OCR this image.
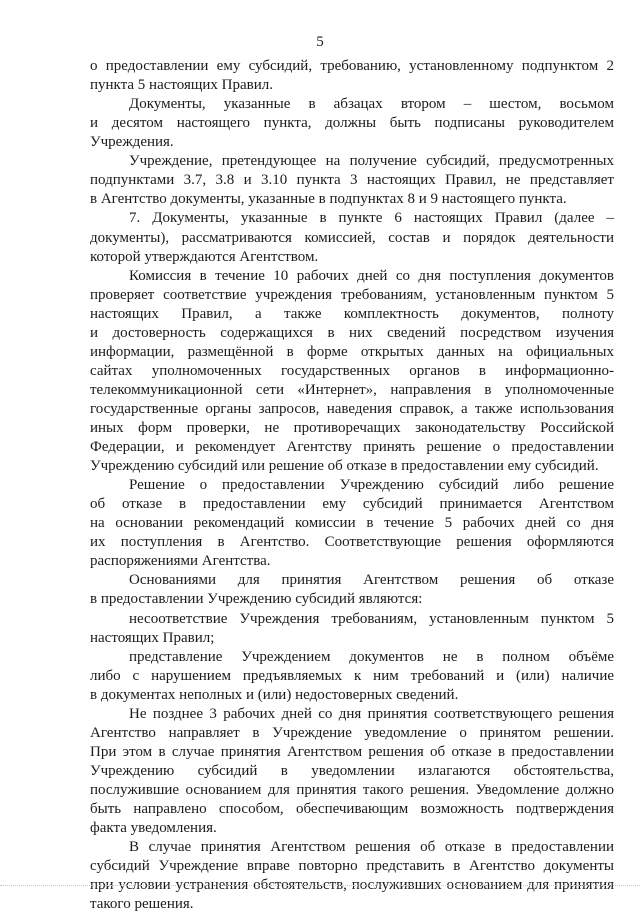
5
о предоставлении ему субсидий, требованию, установленному подпунктом 2
пункта 5 настоящих Правил.
Документы, указанные в абзацах втором – шестом, восьмом
и десятом настоящего пункта, должны быть подписаны руководителем
Учреждения.
Учреждение, претендующее на получение субсидий, предусмотренных
подпунктами 3.7, 3.8 и 3.10 пункта 3 настоящих Правил, не представляет
в Агентство документы, указанные в подпунктах 8 и 9 настоящего пункта.
7. Документы, указанные в пункте 6 настоящих Правил (далее –
документы), рассматриваются комиссией, состав и порядок деятельности
которой утверждаются Агентством.
Комиссия в течение 10 рабочих дней со дня поступления документов
проверяет соответствие учреждения требованиям, установленным пунктом 5
настоящих Правил, а также комплектность документов, полноту
и достоверность содержащихся в них сведений посредством изучения
информации, размещённой в форме открытых данных на официальных
сайтах уполномоченных государственных органов в информационно-
телекоммуникационной сети «Интернет», направления в уполномоченные
государственные органы запросов, наведения справок, а также использования
иных форм проверки, не противоречащих законодательству Российской
Федерации, и рекомендует Агентству принять решение о предоставлении
Учреждению субсидий или решение об отказе в предоставлении ему субсидий.
Решение о предоставлении Учреждению субсидий либо решение
об отказе в предоставлении ему субсидий принимается Агентством
на основании рекомендаций комиссии в течение 5 рабочих дней со дня
их поступления в Агентство. Соответствующие решения оформляются
распоряжениями Агентства.
Основаниями для принятия Агентством решения об отказе
в предоставлении Учреждению субсидий являются:
несоответствие Учреждения требованиям, установленным пунктом 5
настоящих Правил;
представление Учреждением документов не в полном объёме
либо с нарушением предъявляемых к ним требований и (или) наличие
в документах неполных и (или) недостоверных сведений.
Не позднее 3 рабочих дней со дня принятия соответствующего решения
Агентство направляет в Учреждение уведомление о принятом решении.
При этом в случае принятия Агентством решения об отказе в предоставлении
Учреждению субсидий в уведомлении излагаются обстоятельства,
послужившие основанием для принятия такого решения. Уведомление должно
быть направлено способом, обеспечивающим возможность подтверждения
факта уведомления.
В случае принятия Агентством решения об отказе в предоставлении
субсидий Учреждение вправе повторно представить в Агентство документы
при условии устранения обстоятельств, послуживших основанием для принятия
такого решения.
